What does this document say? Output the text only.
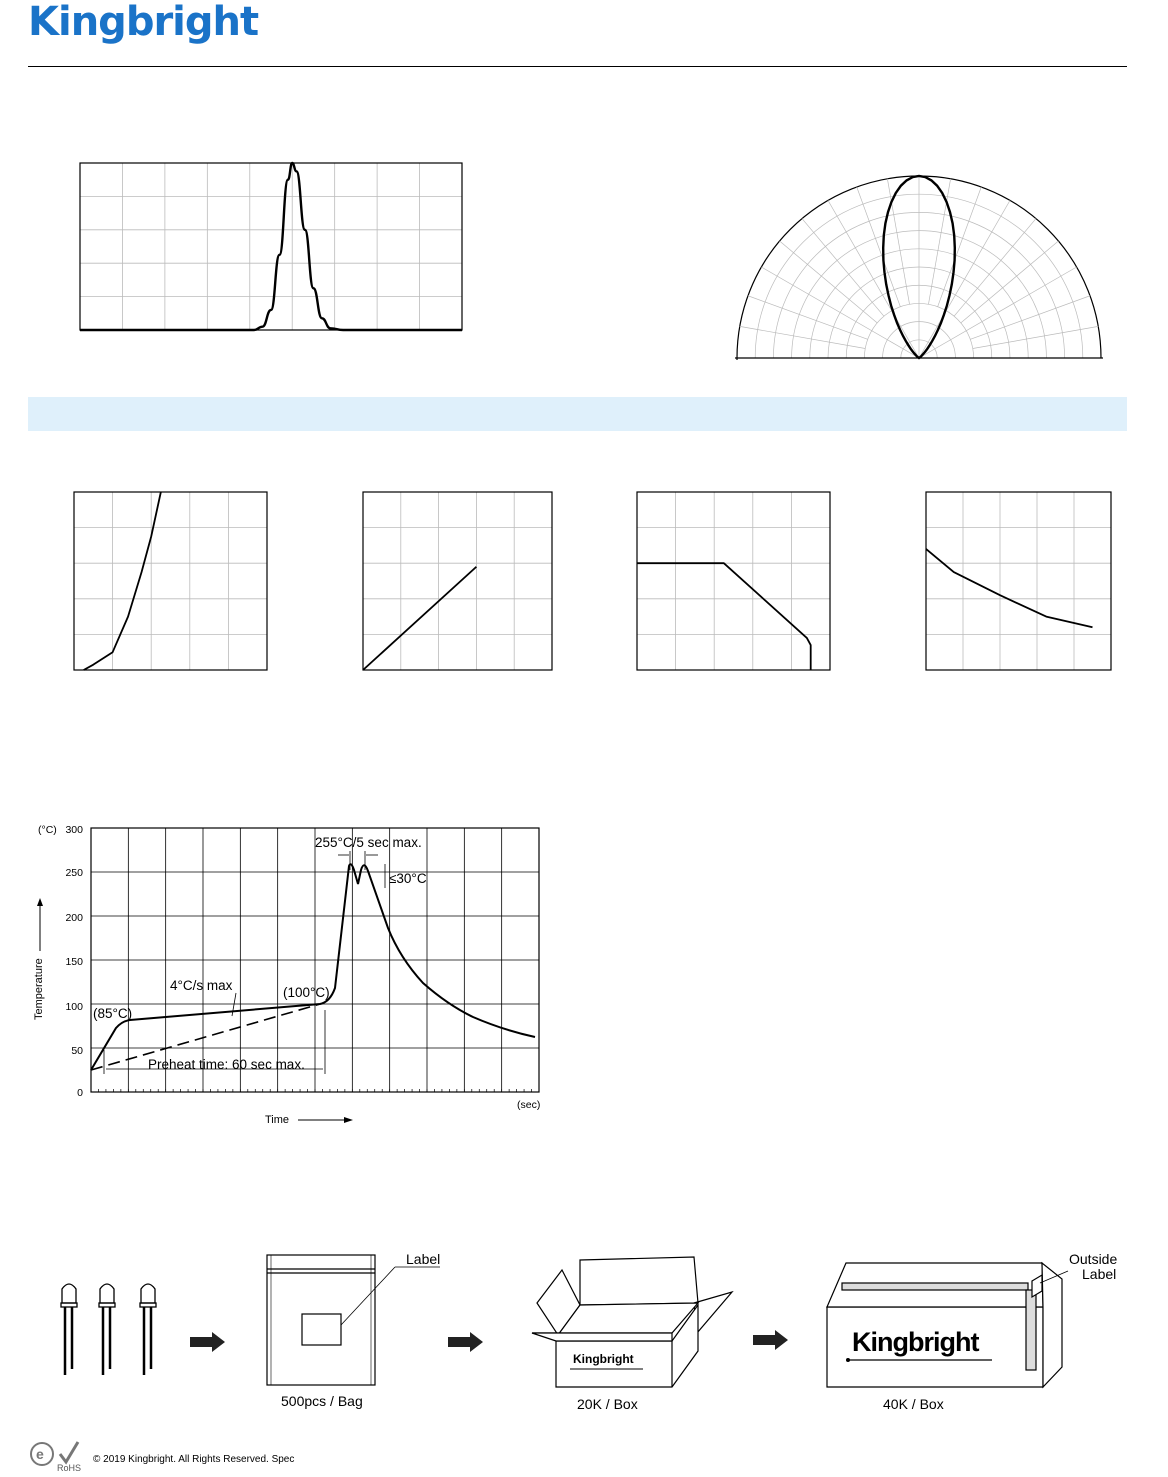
Kingbright
(°C) 300
250
200
150
100
50
0
Temperature
Time
(sec)
255°C/5 sec max.
≤30°C
4°C/s max
(85°C)
(100°C)
Preheat time: 60 sec max.
Kingbright
Kingbright
Label
500pcs / Bag	20K / Box	40K / Box
Outside
Label
e
RoHS
© 2019 Kingbright. All Rights Reserved. Spec
